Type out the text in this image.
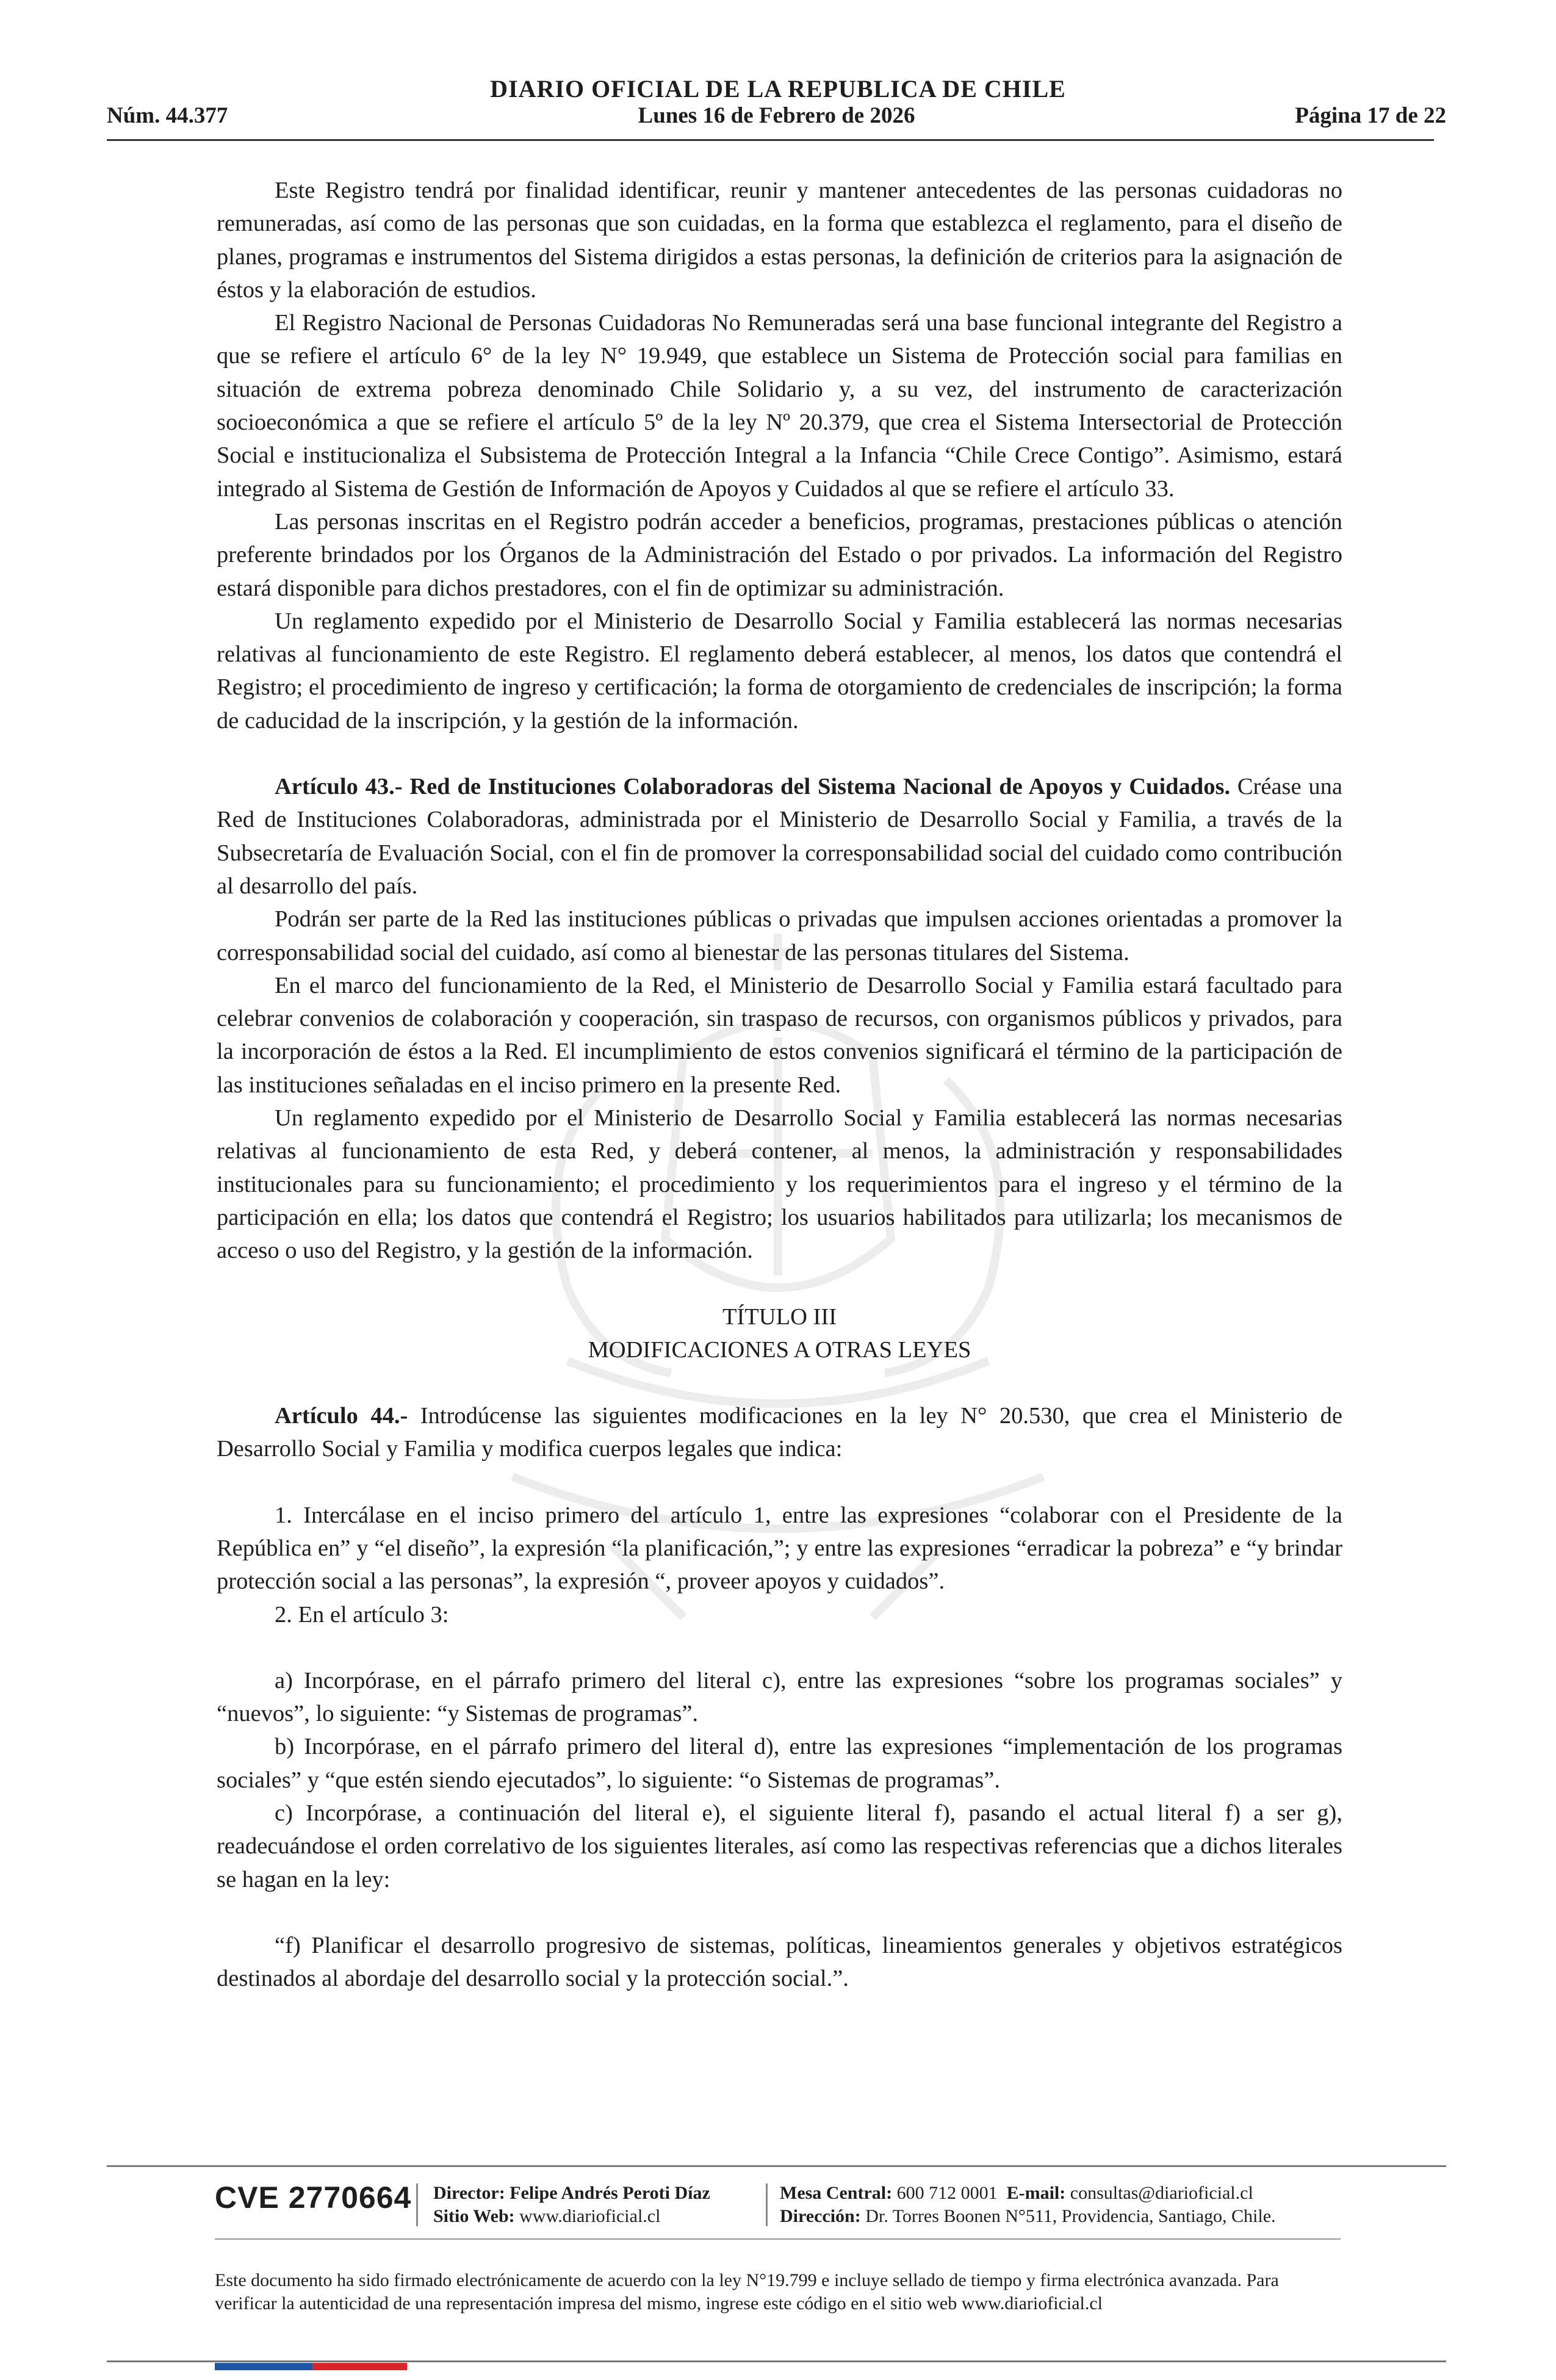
DIARIO OFICIAL DE LA REPUBLICA DE CHILE
Núm. 44.377	Lunes 16 de Febrero de 2026	Página 17 de 22

Este Registro tendrá por finalidad identificar, reunir y mantener antecedentes de las personas cuidadoras no remuneradas, así como de las personas que son cuidadas, en la forma que establezca el reglamento, para el diseño de planes, programas e instrumentos del Sistema dirigidos a estas personas, la definición de criterios para la asignación de éstos y la elaboración de estudios.

El Registro Nacional de Personas Cuidadoras No Remuneradas será una base funcional integrante del Registro a que se refiere el artículo 6° de la ley N° 19.949, que establece un Sistema de Protección social para familias en situación de extrema pobreza denominado Chile Solidario y, a su vez, del instrumento de caracterización socioeconómica a que se refiere el artículo 5º de la ley Nº 20.379, que crea el Sistema Intersectorial de Protección Social e institucionaliza el Subsistema de Protección Integral a la Infancia “Chile Crece Contigo”. Asimismo, estará integrado al Sistema de Gestión de Información de Apoyos y Cuidados al que se refiere el artículo 33.

Las personas inscritas en el Registro podrán acceder a beneficios, programas, prestaciones públicas o atención preferente brindados por los Órganos de la Administración del Estado o por privados. La información del Registro estará disponible para dichos prestadores, con el fin de optimizar su administración.

Un reglamento expedido por el Ministerio de Desarrollo Social y Familia establecerá las normas necesarias relativas al funcionamiento de este Registro. El reglamento deberá establecer, al menos, los datos que contendrá el Registro; el procedimiento de ingreso y certificación; la forma de otorgamiento de credenciales de inscripción; la forma de caducidad de la inscripción, y la gestión de la información.

Artículo 43.- Red de Instituciones Colaboradoras del Sistema Nacional de Apoyos y Cuidados. Créase una Red de Instituciones Colaboradoras, administrada por el Ministerio de Desarrollo Social y Familia, a través de la Subsecretaría de Evaluación Social, con el fin de promover la corresponsabilidad social del cuidado como contribución al desarrollo del país.

Podrán ser parte de la Red las instituciones públicas o privadas que impulsen acciones orientadas a promover la corresponsabilidad social del cuidado, así como al bienestar de las personas titulares del Sistema.

En el marco del funcionamiento de la Red, el Ministerio de Desarrollo Social y Familia estará facultado para celebrar convenios de colaboración y cooperación, sin traspaso de recursos, con organismos públicos y privados, para la incorporación de éstos a la Red. El incumplimiento de estos convenios significará el término de la participación de las instituciones señaladas en el inciso primero en la presente Red.

Un reglamento expedido por el Ministerio de Desarrollo Social y Familia establecerá las normas necesarias relativas al funcionamiento de esta Red, y deberá contener, al menos, la administración y responsabilidades institucionales para su funcionamiento; el procedimiento y los requerimientos para el ingreso y el término de la participación en ella; los datos que contendrá el Registro; los usuarios habilitados para utilizarla; los mecanismos de acceso o uso del Registro, y la gestión de la información.

TÍTULO III

MODIFICACIONES A OTRAS LEYES

Artículo 44.- Introdúcense las siguientes modificaciones en la ley N° 20.530, que crea el Ministerio de Desarrollo Social y Familia y modifica cuerpos legales que indica:

1. Intercálase en el inciso primero del artículo 1, entre las expresiones “colaborar con el Presidente de la República en” y “el diseño”, la expresión “la planificación,”; y entre las expresiones “erradicar la pobreza” e “y brindar protección social a las personas”, la expresión “, proveer apoyos y cuidados”.

2. En el artículo 3:

a) Incorpórase, en el párrafo primero del literal c), entre las expresiones “sobre los programas sociales” y “nuevos”, lo siguiente: “y Sistemas de programas”.

b) Incorpórase, en el párrafo primero del literal d), entre las expresiones “implementación de los programas sociales” y “que estén siendo ejecutados”, lo siguiente: “o Sistemas de programas”.

c) Incorpórase, a continuación del literal e), el siguiente literal f), pasando el actual literal f) a ser g), readecuándose el orden correlativo de los siguientes literales, así como las respectivas referencias que a dichos literales se hagan en la ley:

“f) Planificar el desarrollo progresivo de sistemas, políticas, lineamientos generales y objetivos estratégicos destinados al abordaje del desarrollo social y la protección social.”.

CVE 2770664 Director: Felipe Andrés Peroti Díaz
Sitio Web: www.diarioficial.cl
Mesa Central: 600 712 0001 E-mail: consultas@diarioficial.cl
Dirección: Dr. Torres Boonen N°511, Providencia, Santiago, Chile.
Este documento ha sido firmado electrónicamente de acuerdo con la ley N°19.799 e incluye sellado de tiempo y firma electrónica avanzada. Para verificar la autenticidad de una representación impresa del mismo, ingrese este código en el sitio web www.diarioficial.cl
